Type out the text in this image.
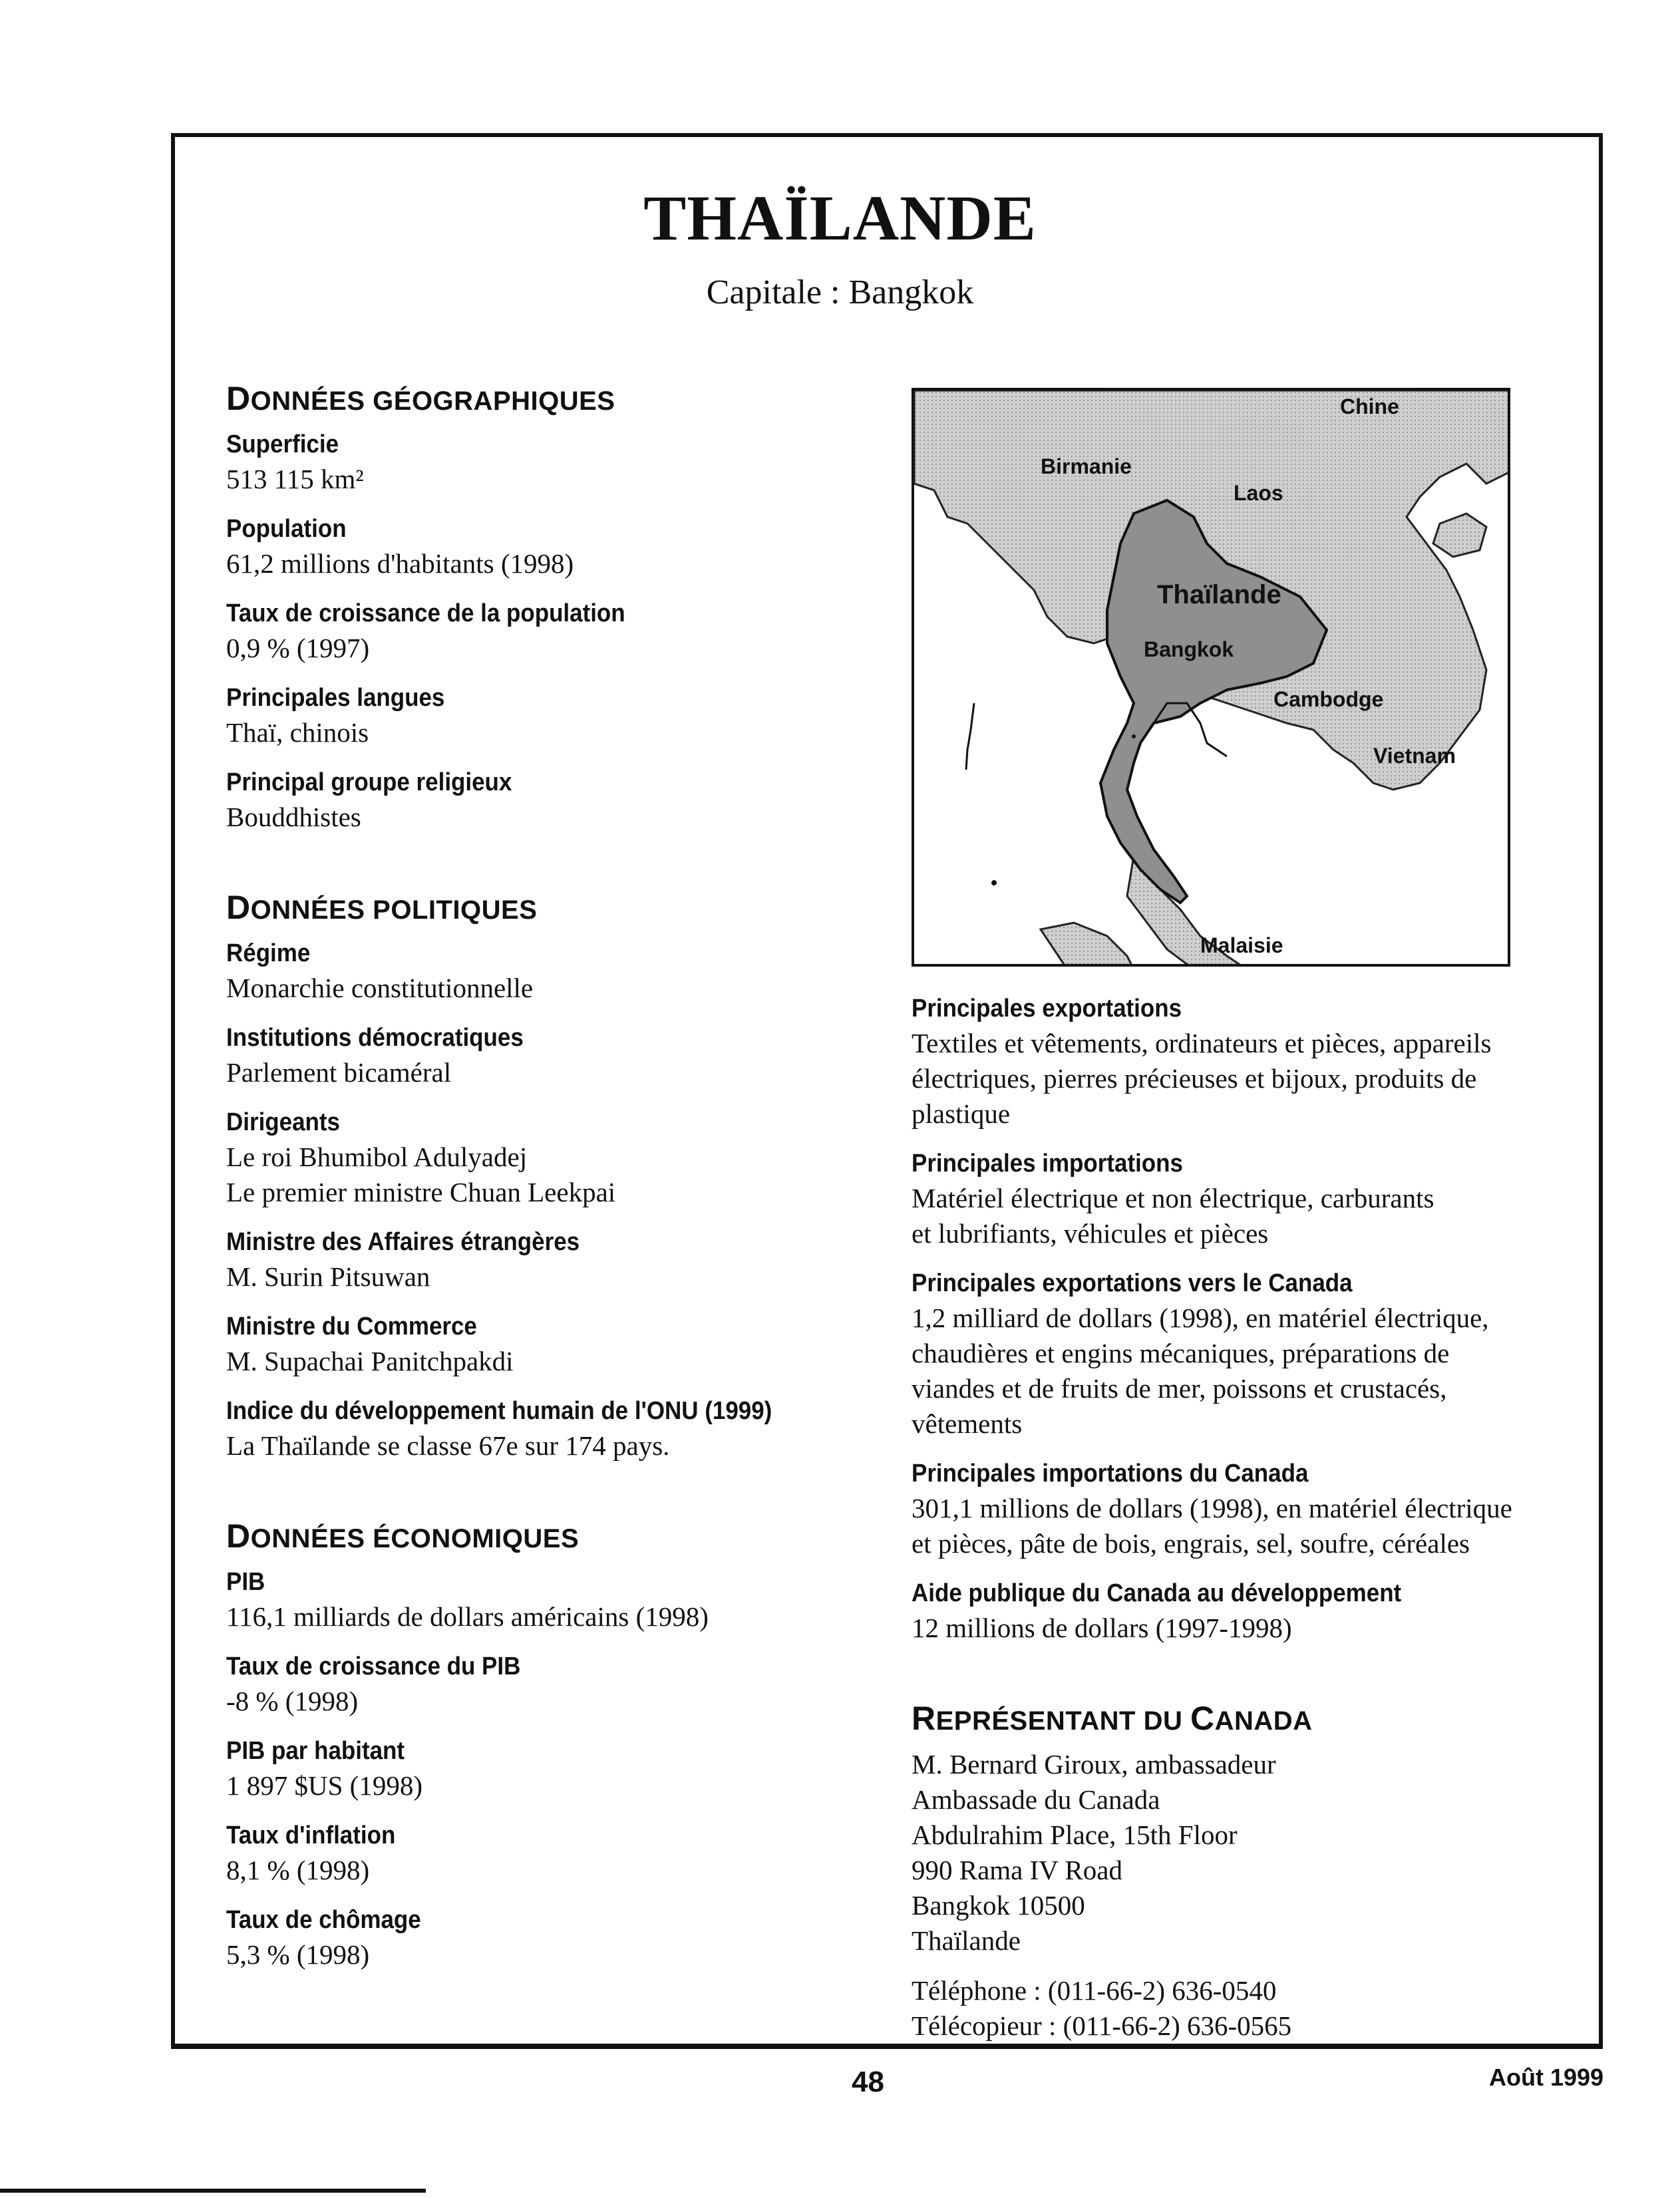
THAÏLANDE
Capitale : Bangkok
DONNÉES GÉOGRAPHIQUES
Superficie
513 115 km²
Population
61,2 millions d'habitants (1998)
Taux de croissance de la population
0,9 % (1997)
Principales langues
Thaï, chinois
Principal groupe religieux
Bouddhistes
DONNÉES POLITIQUES
Régime
Monarchie constitutionnelle
Institutions démocratiques
Parlement bicaméral
Dirigeants
Le roi Bhumibol Adulyadej
Le premier ministre Chuan Leekpai
Ministre des Affaires étrangères
M. Surin Pitsuwan
Ministre du Commerce
M. Supachai Panitchpakdi
Indice du développement humain de l'ONU (1999)
La Thaïlande se classe 67e sur 174 pays.
DONNÉES ÉCONOMIQUES
PIB
116,1 milliards de dollars américains (1998)
Taux de croissance du PIB
-8 % (1998)
PIB par habitant
1 897 $US (1998)
Taux d'inflation
8,1 % (1998)
Taux de chômage
5,3 % (1998)
Chine
Birmanie
Laos
Thaïlande
Bangkok
Cambodge
Vietnam
Malaisie
Principales exportations
Textiles et vêtements, ordinateurs et pièces, appareils
électriques, pierres précieuses et bijoux, produits de
plastique
Principales importations
Matériel électrique et non électrique, carburants
et lubrifiants, véhicules et pièces
Principales exportations vers le Canada
1,2 milliard de dollars (1998), en matériel électrique,
chaudières et engins mécaniques, préparations de
viandes et de fruits de mer, poissons et crustacés,
vêtements
Principales importations du Canada
301,1 millions de dollars (1998), en matériel électrique
et pièces, pâte de bois, engrais, sel, soufre, céréales
Aide publique du Canada au développement
12 millions de dollars (1997-1998)
REPRÉSENTANT DU CANADA
M. Bernard Giroux, ambassadeur
Ambassade du Canada
Abdulrahim Place, 15th Floor
990 Rama IV Road
Bangkok 10500
Thaïlande
Téléphone : (011-66-2) 636-0540
Télécopieur : (011-66-2) 636-0565
48	Août 1999
